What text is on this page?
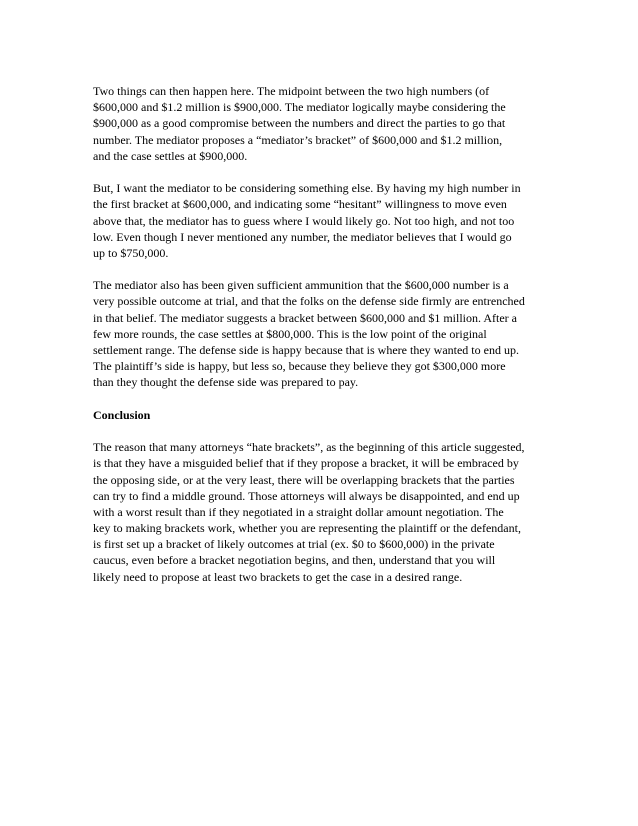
Two things can then happen here. The midpoint between the two high numbers (of
$600,000 and $1.2 million is $900,000. The mediator logically maybe considering the
$900,000 as a good compromise between the numbers and direct the parties to go that
number. The mediator proposes a “mediator’s bracket” of $600,000 and $1.2 million,
and the case settles at $900,000.
But, I want the mediator to be considering something else. By having my high number in
the first bracket at $600,000, and indicating some “hesitant” willingness to move even
above that, the mediator has to guess where I would likely go. Not too high, and not too
low. Even though I never mentioned any number, the mediator believes that I would go
up to $750,000.
The mediator also has been given sufficient ammunition that the $600,000 number is a
very possible outcome at trial, and that the folks on the defense side firmly are entrenched
in that belief. The mediator suggests a bracket between $600,000 and $1 million. After a
few more rounds, the case settles at $800,000. This is the low point of the original
settlement range. The defense side is happy because that is where they wanted to end up.
The plaintiff’s side is happy, but less so, because they believe they got $300,000 more
than they thought the defense side was prepared to pay.
Conclusion
The reason that many attorneys “hate brackets”, as the beginning of this article suggested,
is that they have a misguided belief that if they propose a bracket, it will be embraced by
the opposing side, or at the very least, there will be overlapping brackets that the parties
can try to find a middle ground. Those attorneys will always be disappointed, and end up
with a worst result than if they negotiated in a straight dollar amount negotiation. The
key to making brackets work, whether you are representing the plaintiff or the defendant,
is first set up a bracket of likely outcomes at trial (ex. $0 to $600,000) in the private
caucus, even before a bracket negotiation begins, and then, understand that you will
likely need to propose at least two brackets to get the case in a desired range.
